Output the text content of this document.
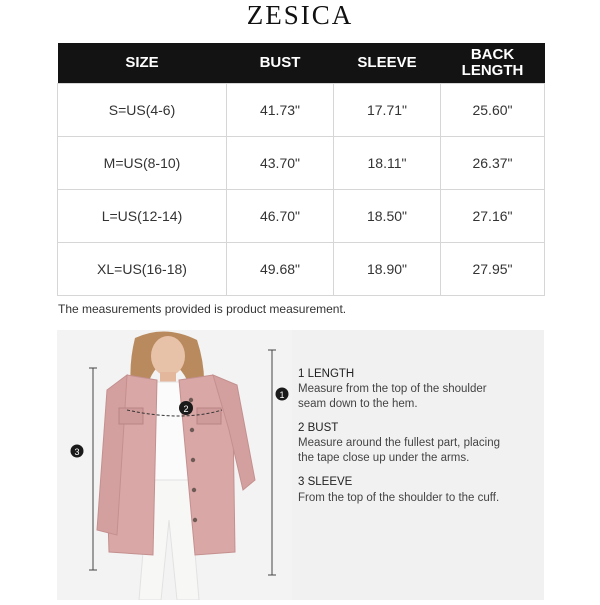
ZESICA
SIZE	BUST	SLEEVE	BACK LENGTH
S=US(4-6)	41.73"	17.71"	25.60"
M=US(8-10)	43.70"	18.11"	26.37"
L=US(12-14)	46.70"	18.50"	27.16"
XL=US(16-18)	49.68"	18.90"	27.95"
The measurements provided is product measurement.
1
2
3
1 LENGTH
Measure from the top of the shoulder
seam down to the hem.
2 BUST
Measure around the fullest part, placing
the tape close up under the arms.
3 SLEEVE
From the top of the shoulder to the cuff.
